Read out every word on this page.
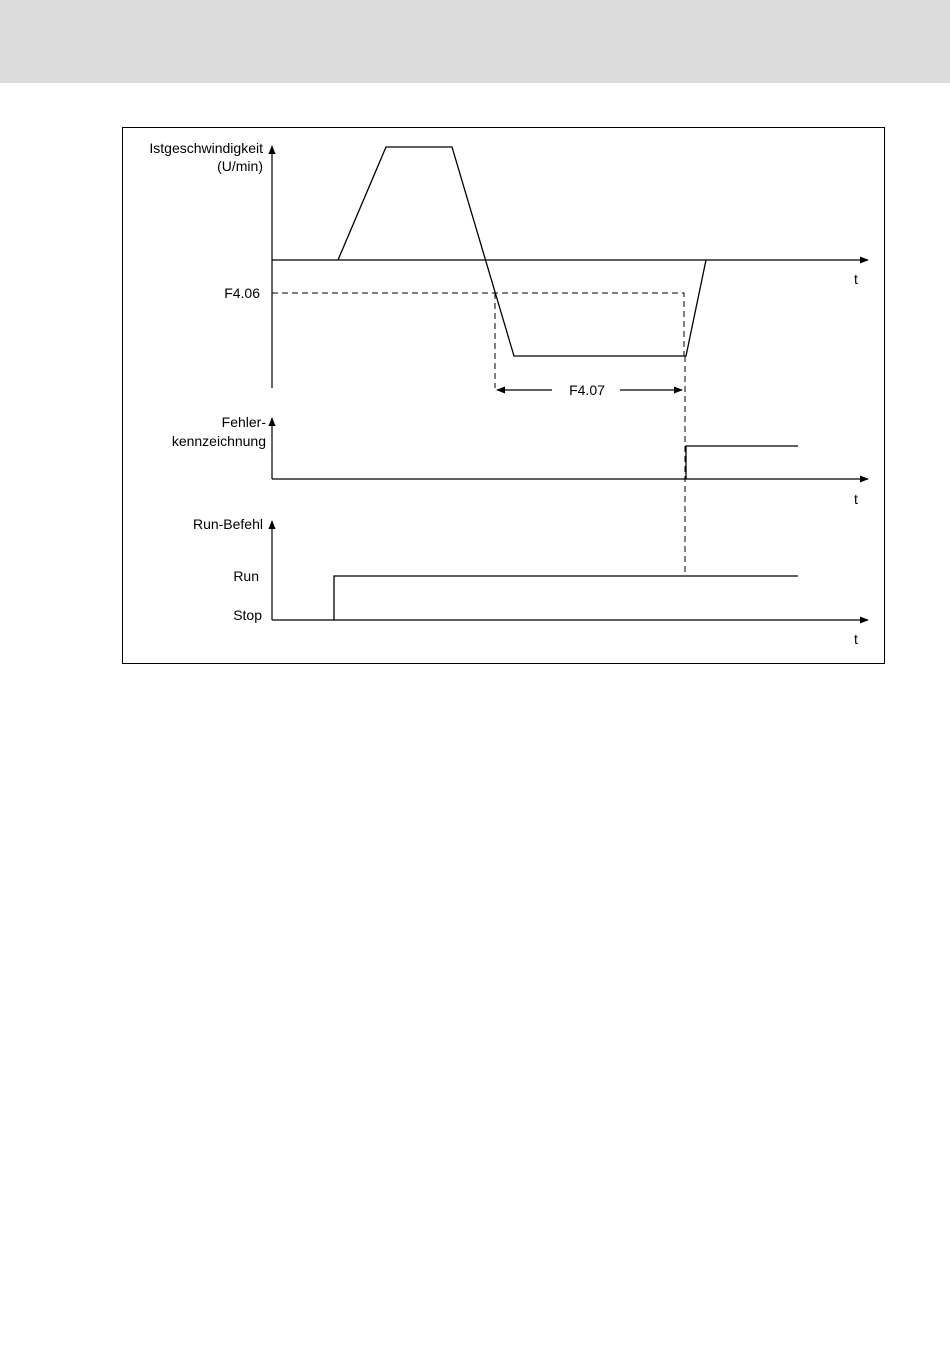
Istgeschwindigkeit
(U/min)
F4.06
F4.07
t
Fehler-
kennzeichnung
t
Run-Befehl
Run
Stop
t
